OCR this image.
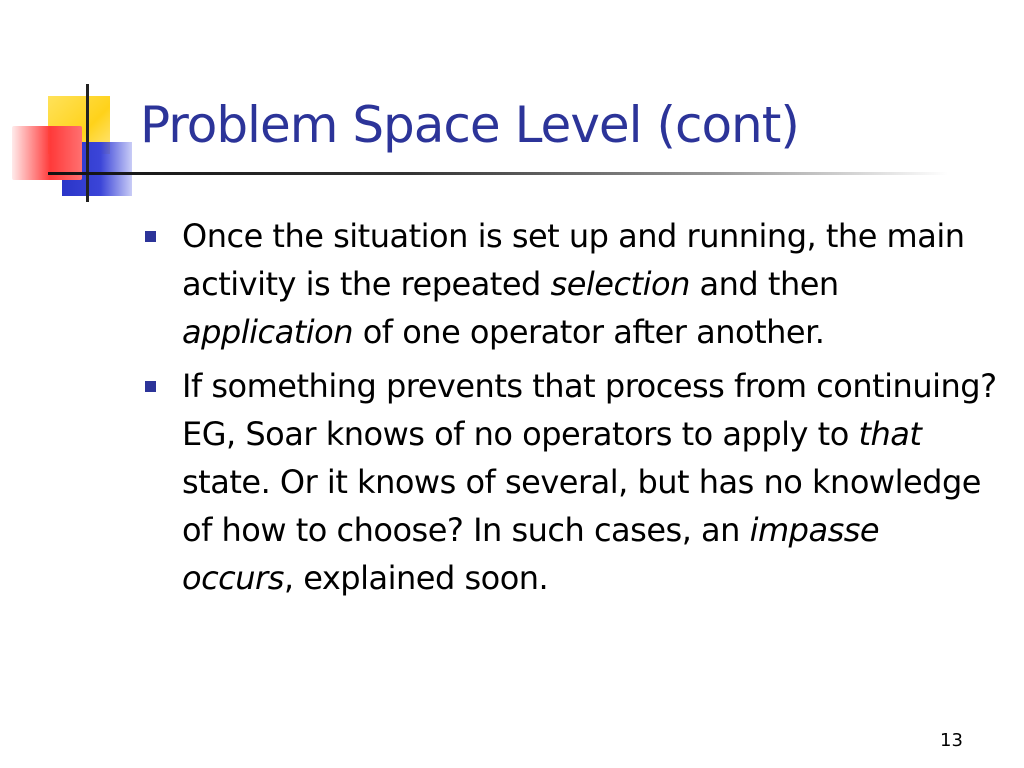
Problem Space Level (cont)
Once the situation is set up and running, the main activity is the repeated selection and then application of one operator after another.
If something prevents that process from continuing? EG, Soar knows of no operators to apply to that state. Or it knows of several, but has no knowledge of how to choose? In such cases, an impasse occurs, explained soon.
13
